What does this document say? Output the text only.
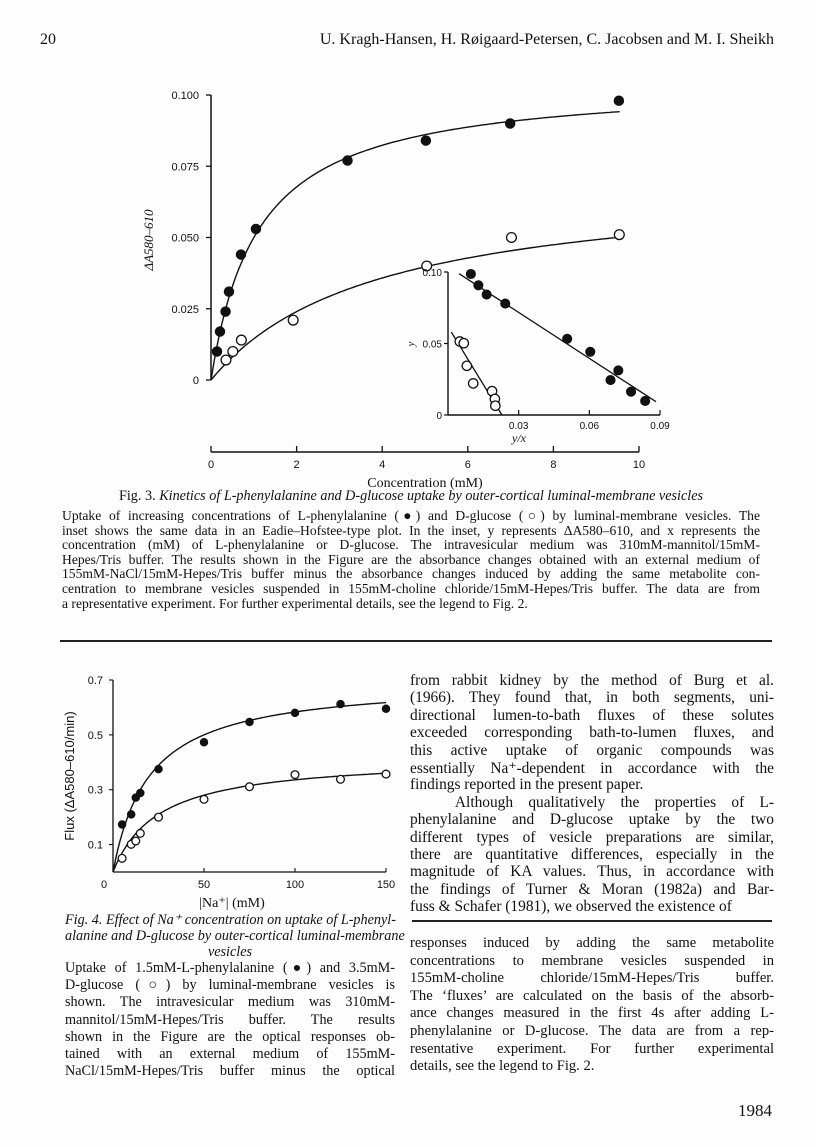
20	U. Kragh-Hansen, H. Røigaard-Petersen, C. Jacobsen and M. I. Sheikh
0
0.025
0.050
0.075
0.100
ΔA580–610
0	2	4	6	8	10
Concentration (mM)
0
0.05
0.10
0.03	0.06	0.09
y/x
y
0.1
0.3
0.5
0.7
0	50	100	150
Flux (ΔA580–610/min)
|Na⁺| (mM)
Fig. 3. Kinetics of L-phenylalanine and D-glucose uptake by outer-cortical luminal-membrane vesicles
Uptake of increasing concentrations of L-phenylalanine (●) and D-glucose (○) by luminal-membrane vesicles. The
inset shows the same data in an Eadie–Hofstee-type plot. In the inset, y represents ΔA580–610, and x represents the
concentration (mM) of L-phenylalanine or D-glucose. The intravesicular medium was 310mM-mannitol/15mM-
Hepes/Tris buffer. The results shown in the Figure are the absorbance changes obtained with an external medium of
155mM-NaCl/15mM-Hepes/Tris buffer minus the absorbance changes induced by adding the same metabolite con-
centration to membrane vesicles suspended in 155mM-choline chloride/15mM-Hepes/Tris buffer. The data are from
a representative experiment. For further experimental details, see the legend to Fig. 2.
Fig. 4. Effect of Na⁺ concentration on uptake of L-phenyl-
alanine and D-glucose by outer-cortical luminal-membrane
vesicles
Uptake of 1.5mM-L-phenylalanine (●) and 3.5mM-
D-glucose (○) by luminal-membrane vesicles is
shown. The intravesicular medium was 310mM-
mannitol/15mM-Hepes/Tris buffer. The results
shown in the Figure are the optical responses ob-
tained with an external medium of 155mM-
NaCl/15mM-Hepes/Tris buffer minus the optical
from rabbit kidney by the method of Burg et al.
(1966). They found that, in both segments, uni-
directional lumen-to-bath fluxes of these solutes
exceeded corresponding bath-to-lumen fluxes, and
this active uptake of organic compounds was
essentially Na⁺-dependent in accordance with the
findings reported in the present paper.
Although qualitatively the properties of L-
phenylalanine and D-glucose uptake by the two
different types of vesicle preparations are similar,
there are quantitative differences, especially in the
magnitude of KA values. Thus, in accordance with
the findings of Turner & Moran (1982a) and Bar-
fuss & Schafer (1981), we observed the existence of
responses induced by adding the same metabolite
concentrations to membrane vesicles suspended in
155mM-choline chloride/15mM-Hepes/Tris buffer.
The ‘fluxes’ are calculated on the basis of the absorb-
ance changes measured in the first 4s after adding L-
phenylalanine or D-glucose. The data are from a rep-
resentative experiment. For further experimental
details, see the legend to Fig. 2.
1984
